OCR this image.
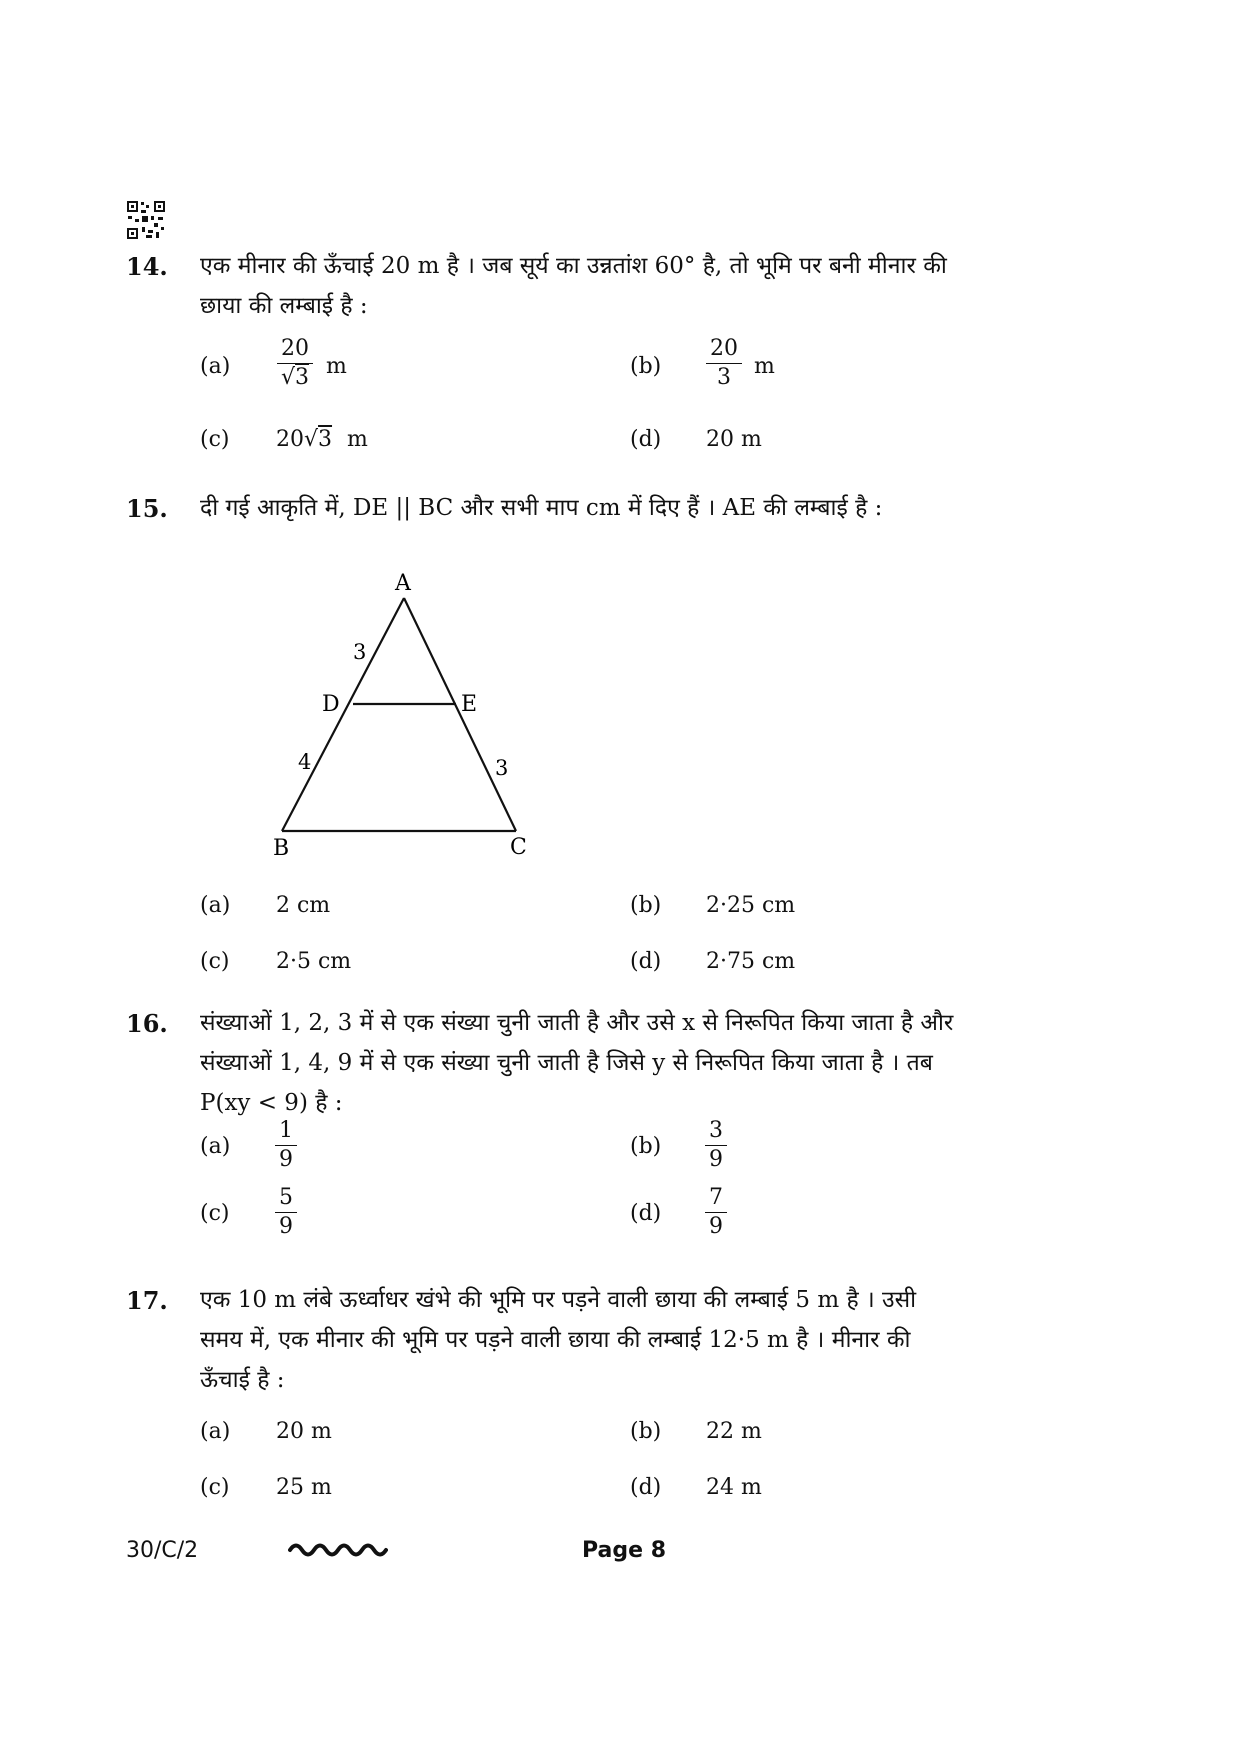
14. एक मीनार की ऊँचाई 20 m है । जब सूर्य का उन्नतांश 60° है, तो भूमि पर बनी मीनार की
छाया की लम्बाई है :
$(a) \frac{20}{√3}$ m	$(b) \frac{20}{3}$ m
(c) 20√3 m	(d) 20 m
15. दी गई आकृति में, DE || BC और सभी माप cm में दिए हैं । AE की लम्बाई है :
A
B	C
D	E
3
4	3
(a) 2 cm	(b) 2·25 cm
(c) 2·5 cm	(d) 2·75 cm
16. संख्याओं 1, 2, 3 में से एक संख्या चुनी जाती है और उसे x से निरूपित किया जाता है और
संख्याओं 1, 4, 9 में से एक संख्या चुनी जाती है जिसे y से निरूपित किया जाता है । तब
P(xy < 9) है :
$(a) \frac{1}{9}$	$(b) \frac{3}{9}$
$(c) \frac{5}{9}$	$(d) \frac{7}{9}$
17. एक 10 m लंबे ऊर्ध्वाधर खंभे की भूमि पर पड़ने वाली छाया की लम्बाई 5 m है । उसी
समय में, एक मीनार की भूमि पर पड़ने वाली छाया की लम्बाई 12·5 m है । मीनार की
ऊँचाई है :
(a) 20 m	(b) 22 m
(c) 25 m	(d) 24 m
30/C/2	Page 8
